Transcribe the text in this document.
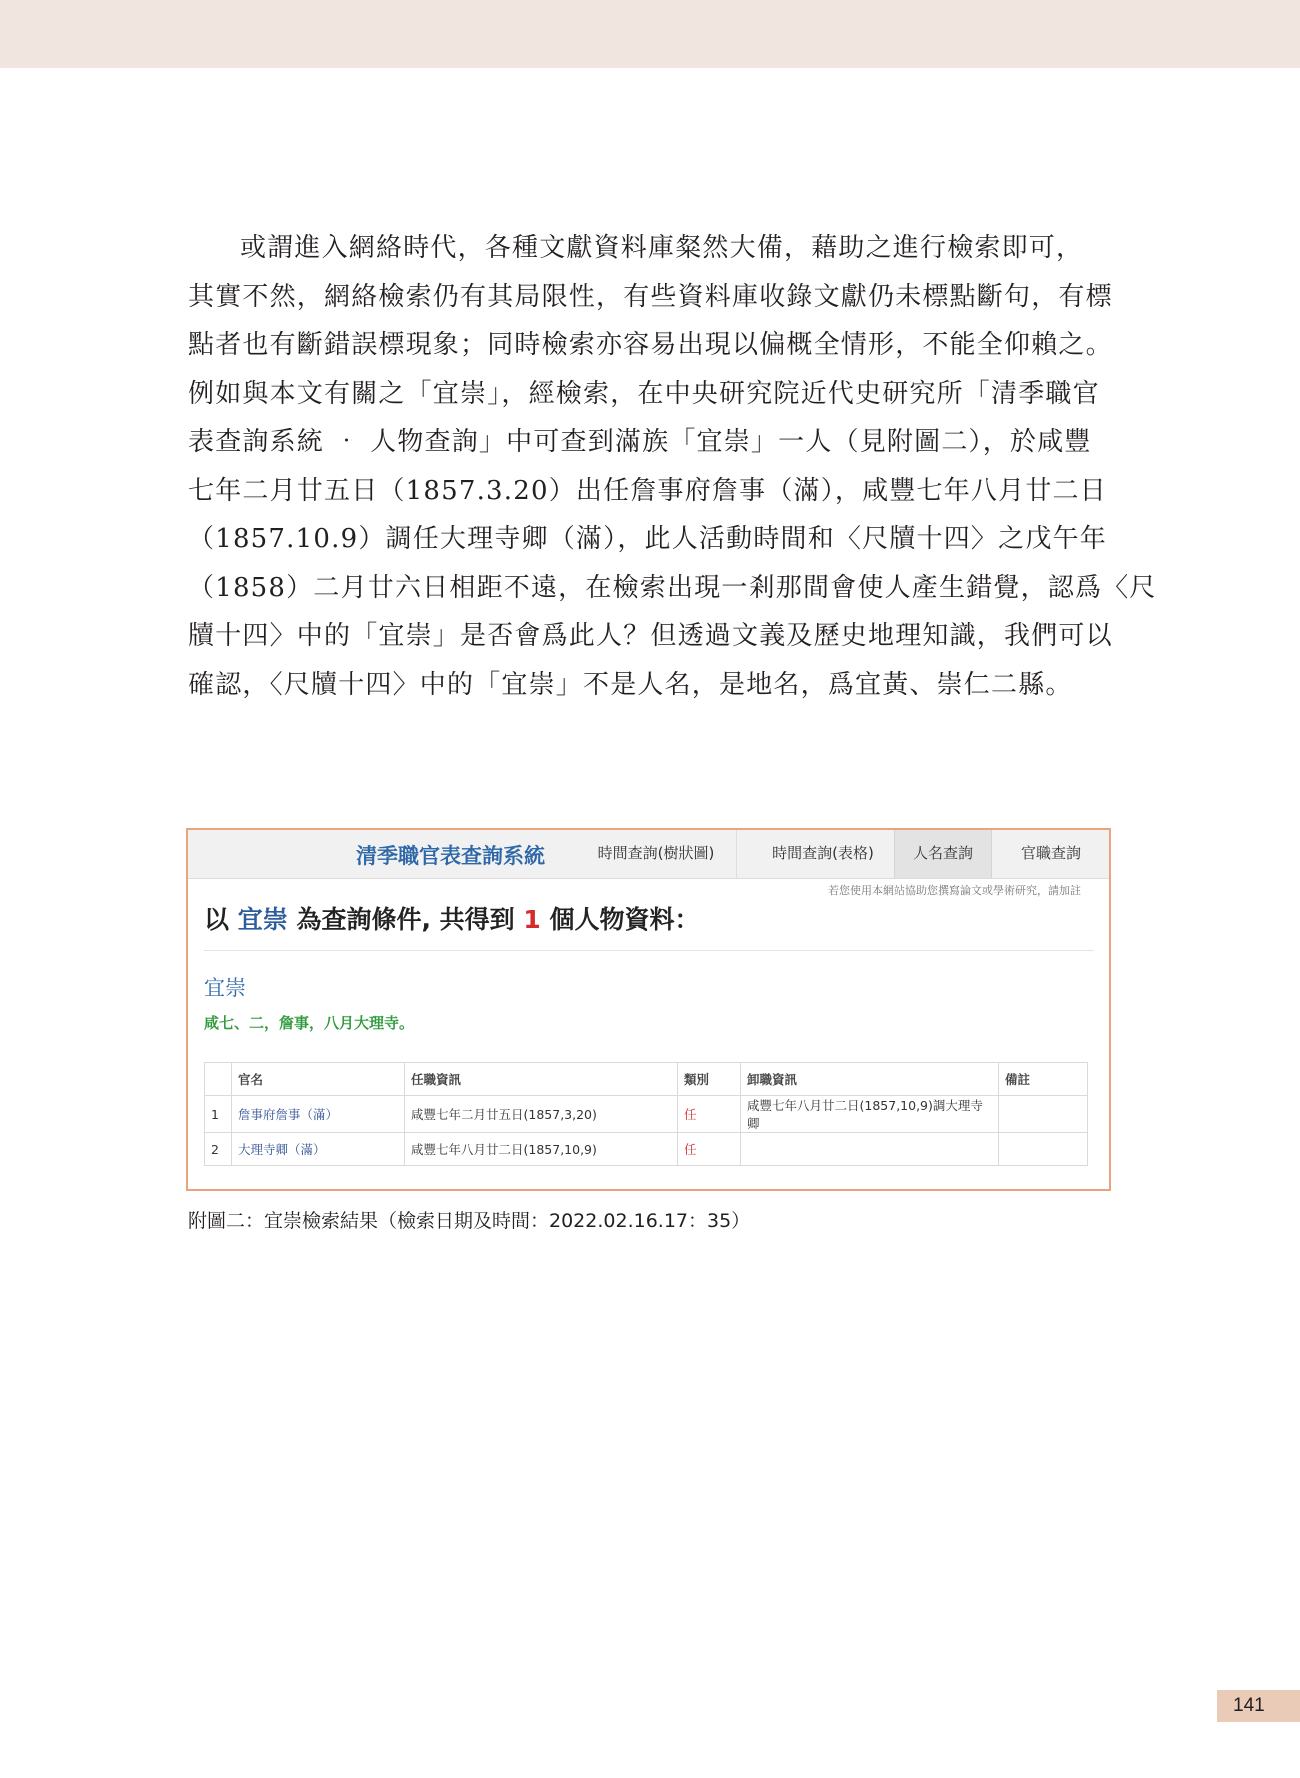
或謂進入網絡時代，各種文獻資料庫粲然大備，藉助之進行檢索即可，
其實不然，網絡檢索仍有其局限性，有些資料庫收錄文獻仍未標點斷句，有標
點者也有斷錯誤標現象；同時檢索亦容易出現以偏概全情形，不能全仰賴之。
例如與本文有關之「宜崇」，經檢索，在中央研究院近代史研究所「清季職官
表查詢系統 ‧ 人物查詢」中可查到滿族「宜崇」一人（見附圖二），於咸豐
七年二月廿五日（1857.3.20）出任詹事府詹事（滿），咸豐七年八月廿二日
（1857.10.9）調任大理寺卿（滿），此人活動時間和〈尺牘十四〉之戊午年
（1858）二月廿六日相距不遠，在檢索出現一剎那間會使人產生錯覺，認爲〈尺
牘十四〉中的「宜崇」是否會爲此人？但透過文義及歷史地理知識，我們可以
確認，〈尺牘十四〉中的「宜崇」不是人名，是地名，爲宜黃、崇仁二縣。

清季職官表查詢系統	時間查詢(樹狀圖)	時間查詢(表格)	人名查詢	官職查詢
若您使用本網站協助您撰寫論文或學術研究，請加註
以 宜崇 為查詢條件, 共得到 1 個人物資料：
宜崇
咸七、二，詹事，八月大理寺。
	官名	任職資訊	類別	卸職資訊	備註
1	詹事府詹事（滿）	咸豐七年二月廿五日(1857,3,20)	任	咸豐七年八月廿二日(1857,10,9)調大理寺卿	
2	大理寺卿（滿）	咸豐七年八月廿二日(1857,10,9)	任		
附圖二：宜崇檢索結果（檢索日期及時間：2022.02.16.17：35）
141
